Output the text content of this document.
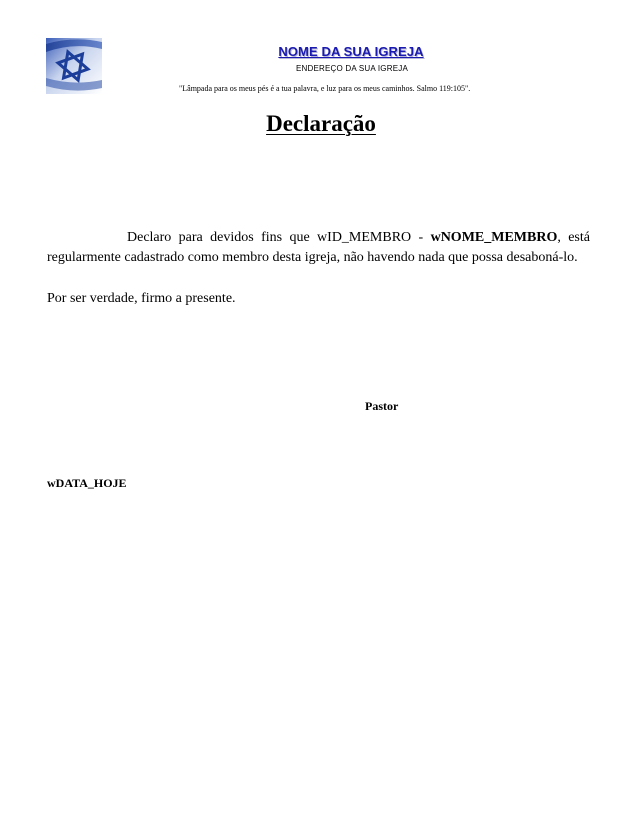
NOME DA SUA IGREJA
ENDEREÇO DA SUA IGREJA
"Lâmpada para os meus pés é a tua palavra, e luz para os meus caminhos. Salmo 119:105".
Declaração

Declaro para devidos fins que wID_MEMBRO - wNOME_MEMBRO, está regularmente cadastrado como membro desta igreja, não havendo nada que possa desaboná-lo.

Por ser verdade, firmo a presente.

Pastor
wDATA_HOJE
